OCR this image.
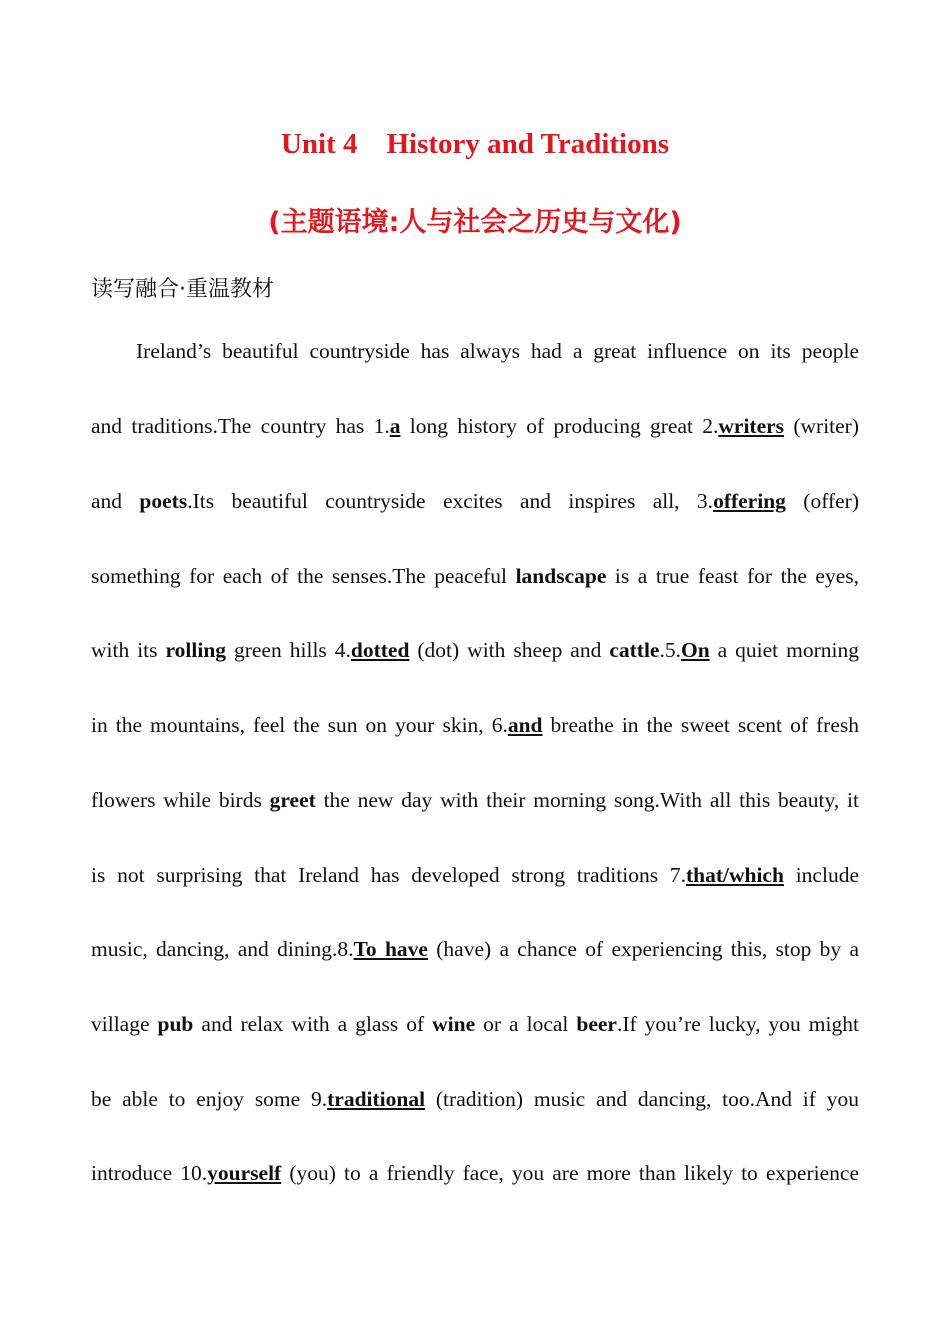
Unit 4    History and Traditions
(主题语境:人与社会之历史与文化)
读写融合·重温教材
Ireland’s beautiful countryside has always had a great influence on its people
and traditions.The country has 1.a long history of producing great 2.writers (writer)
and poets.Its beautiful countryside excites and inspires all, 3.offering (offer)
something for each of the senses.The peaceful landscape is a true feast for the eyes,
with its rolling green hills 4.dotted (dot) with sheep and cattle.5.On a quiet morning
in the mountains, feel the sun on your skin, 6.and breathe in the sweet scent of fresh
flowers while birds greet the new day with their morning song.With all this beauty, it
is not surprising that Ireland has developed strong traditions 7.that/which include
music, dancing, and dining.8.To have (have) a chance of experiencing this, stop by a
village pub and relax with a glass of wine or a local beer.If you’re lucky, you might
be able to enjoy some 9.traditional (tradition) music and dancing, too.And if you
introduce 10.yourself (you) to a friendly face, you are more than likely to experience
